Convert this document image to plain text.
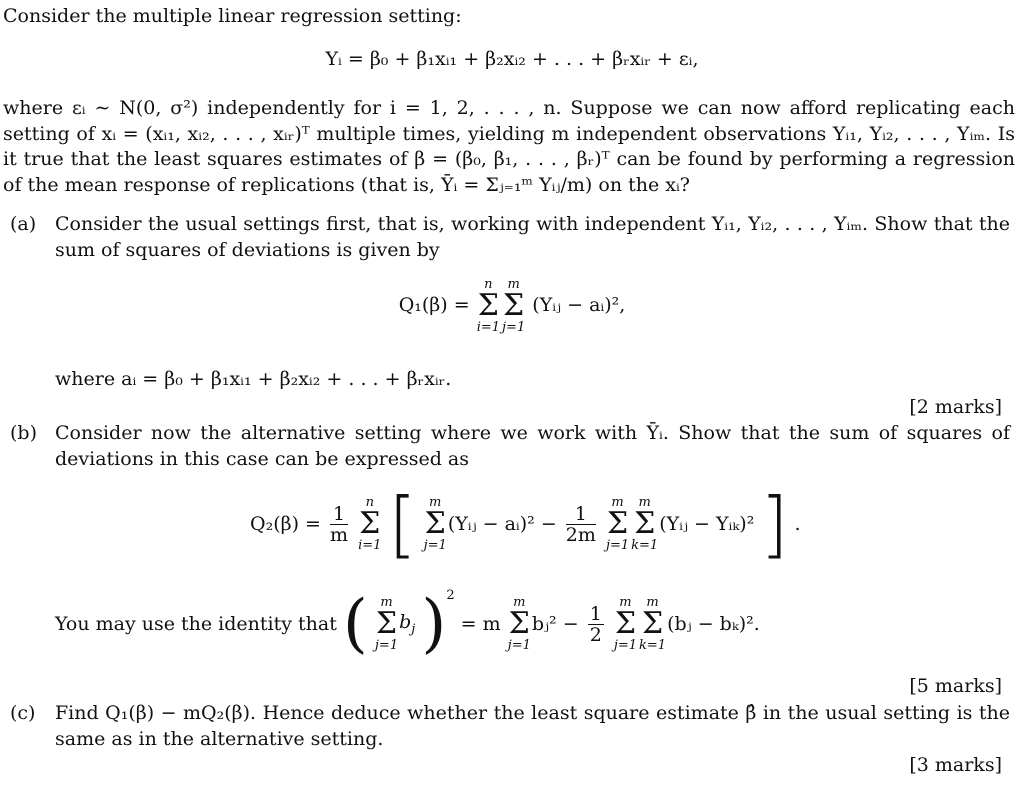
Consider the multiple linear regression setting:

Yᵢ = β₀ + β₁xᵢ₁ + β₂xᵢ₂ + . . . + βᵣxᵢᵣ + εᵢ,

where εᵢ ∼ N(0, σ²) independently for i = 1, 2, . . . , n. Suppose we can now afford replicating each setting of xᵢ = (xᵢ₁, xᵢ₂, . . . , xᵢᵣ)ᵀ multiple times, yielding m independent observations Yᵢ₁, Yᵢ₂, . . . , Yᵢₘ. Is it true that the least squares estimates of β = (β₀, β₁, . . . , βᵣ)ᵀ can be found by performing a regression of the mean response of replications (that is, Ȳᵢ = Σⱼ₌₁ᵐ Yᵢⱼ/m) on the xᵢ?

(a) Consider the usual settings first, that is, working with independent Yᵢ₁, Yᵢ₂, . . . , Yᵢₘ. Show that the sum of squares of deviations is given by

Q₁(β) =
n
Σ
i=1
m
Σ
j=1
(Yᵢⱼ − aᵢ)²,

where aᵢ = β₀ + β₁xᵢ₁ + β₂xᵢ₂ + . . . + βᵣxᵢᵣ.

[2 marks]
(b) Consider now the alternative setting where we work with Ȳᵢ. Show that the sum of squares of deviations in this case can be expressed as

$Q_2(\beta) = \frac{1}{m}$

n
Σ
i=1 [ m
Σ
j=1
(Yᵢⱼ − aᵢ)² − $\frac{1}{2m}$

m
Σ
j=1
m
Σ
k=1
(Yᵢⱼ − Yᵢₖ)² ] .
You may use the identity that ( m
Σ
j=1
$b_j$ )$^2$ = m
m
Σ
j=1
bⱼ² − $\frac{1}{2}$

m
Σ
j=1
m
Σ
k=1
(bⱼ − bₖ)².
[5 marks]
(c)	Find Q₁(β) − mQ₂(β). Hence deduce whether the least square estimate β̂ in the usual setting is the same as in the alternative setting.

[3 marks]
